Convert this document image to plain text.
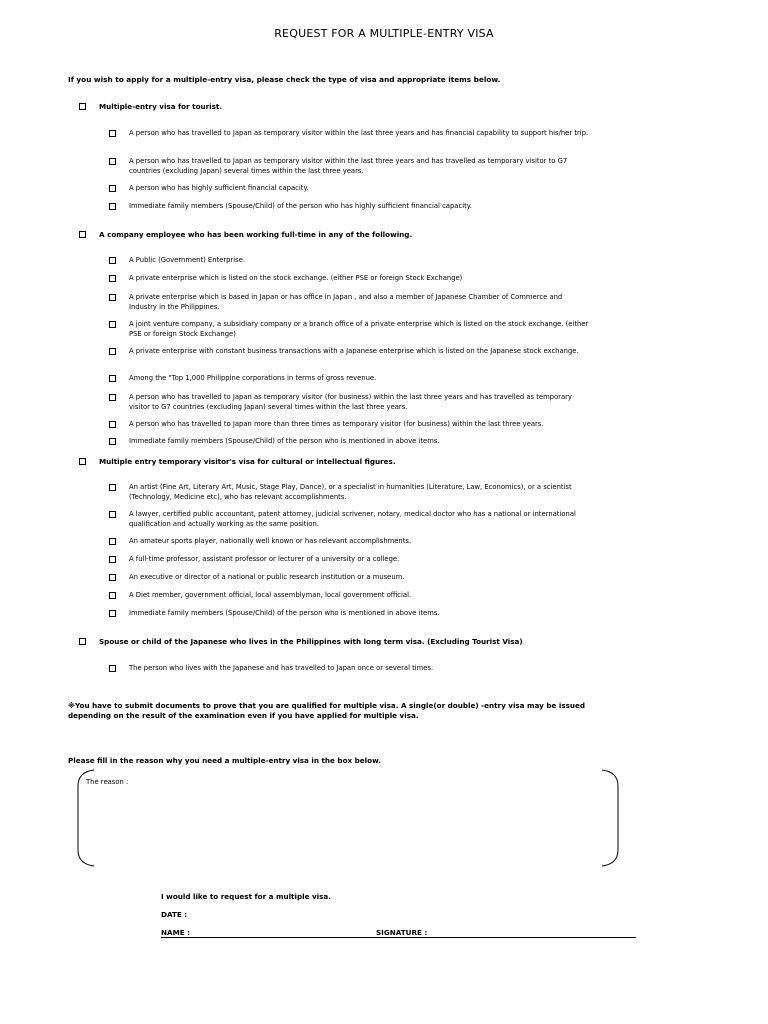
REQUEST FOR A MULTIPLE-ENTRY VISA
If you wish to apply for a multiple-entry visa, please check the type of visa and appropriate items below.
Multiple-entry visa for tourist.
A person who has travelled to Japan as temporary visitor within the last three years and has financial capability to support his/her trip.
A person who has travelled to Japan as temporary visitor within the last three years and has travelled as temporary visitor to G7 countries (excluding Japan) several times within the last three years.
A person who has highly sufficient financial capacity.
Immediate family members (Spouse/Child) of the person who has highly sufficient financial capacity.
A company employee who has been working full-time in any of the following.
A Public (Government) Enterprise.
A private enterprise which is listed on the stock exchange. (either PSE or foreign Stock Exchange)
A private enterprise which is based in Japan or has office in Japan , and also a member of Japanese Chamber of Commerce and Industry in the Philippines.
A joint venture company, a subsidiary company or a branch office of a private enterprise which is listed on the stock exchange. (either PSE or foreign Stock Exchange)
A private enterprise with constant business transactions with a Japanese enterprise which is listed on the Japanese stock exchange.
Among the "Top 1,000 Philippine corporations in terms of gross revenue.
A person who has travelled to Japan as temporary visitor (for business) within the last three years and has travelled as temporary visitor to G7 countries (excluding Japan) several times within the last three years.
A person who has travelled to Japan more than three times as temporary visitor (for business) within the last three years.
Immediate family members (Spouse/Child) of the person who is mentioned in above items.
Multiple entry temporary visitor's visa for cultural or intellectual figures.
An artist (Fine Art, Literary Art, Music, Stage Play, Dance), or a specialist in humanities (Literature, Law, Economics), or a scientist (Technology, Medicine etc), who has relevant accomplishments.
A lawyer, certified public accountant, patent attorney, judicial scrivener, notary, medical doctor who has a national or international qualification and actually working as the same position.
An amateur sports player, nationally well known or has relevant accomplishments.
A full-time professor, assistant professor or lecturer of a university or a college.
An executive or director of a national or public research institution or a museum.
A Diet member, government official, local assemblyman, local government official.
Immediate family members (Spouse/Child) of the person who is mentioned in above items.
Spouse or child of the Japanese who lives in the Philippines with long term visa. (Excluding Tourist Visa)
The person who lives with the Japanese and has travelled to Japan once or several times.
※You have to submit documents to prove that you are qualified for multiple visa. A single(or double) -entry visa may be issued depending on the result of the examination even if you have applied for multiple visa.
Please fill in the reason why you need a multiple-entry visa in the box below.
The reason :
I would like to request for a multiple visa.
DATE :
NAME :	SIGNATURE :
